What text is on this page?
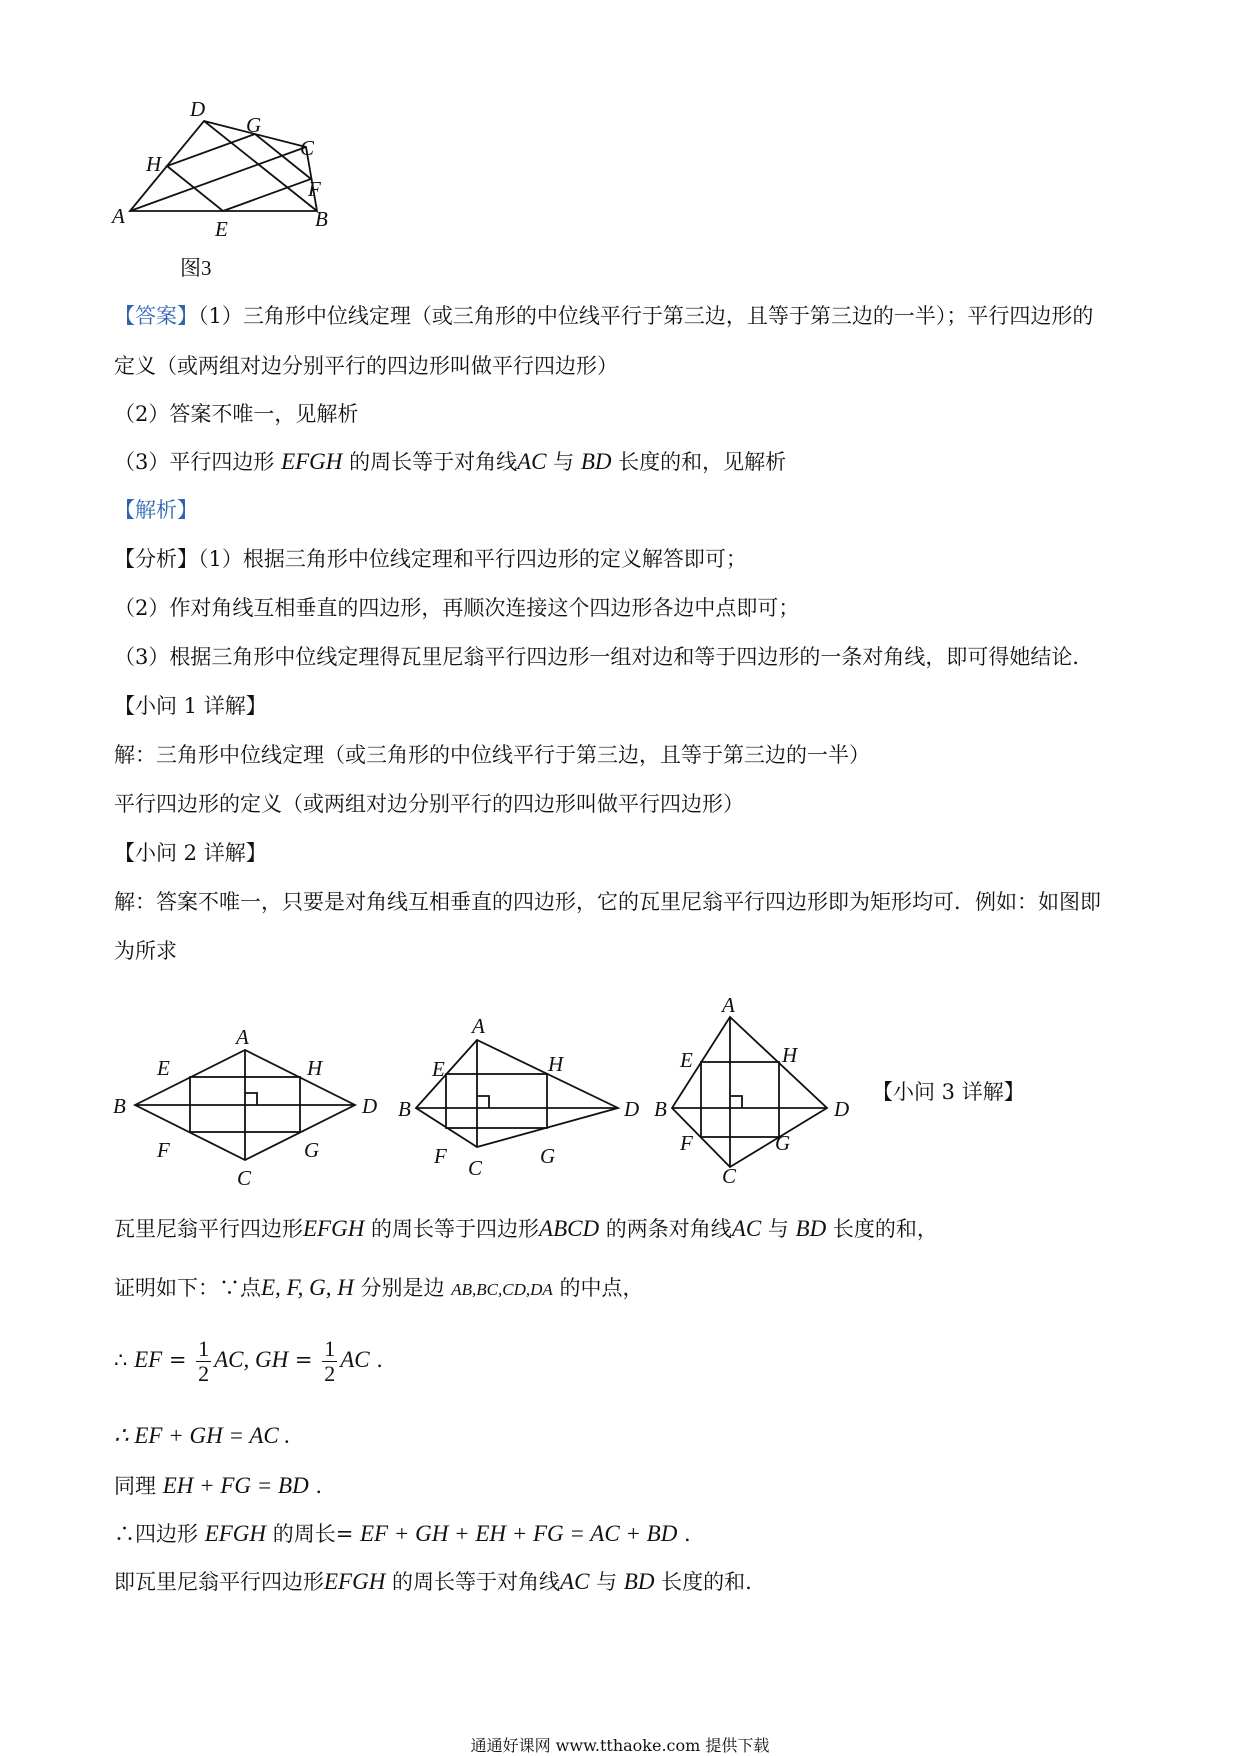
D
G
C
H
F
A
E	B
图3
【答案】（1）三角形中位线定理（或三角形的中位线平行于第三边，且等于第三边的一半）；平行四边形的
定义（或两组对边分别平行的四边形叫做平行四边形）
（2）答案不唯一，见解析
（3）平行四边形 EFGH 的周长等于对角线AC 与 BD 长度的和，见解析
【解析】
【分析】（1）根据三角形中位线定理和平行四边形的定义解答即可；
（2）作对角线互相垂直的四边形，再顺次连接这个四边形各边中点即可；
（3）根据三角形中位线定理得瓦里尼翁平行四边形一组对边和等于四边形的一条对角线，即可得她结论．
【小问 1 详解】
解：三角形中位线定理（或三角形的中位线平行于第三边，且等于第三边的一半）
平行四边形的定义（或两组对边分别平行的四边形叫做平行四边形）
【小问 2 详解】
解：答案不唯一，只要是对角线互相垂直的四边形，它的瓦里尼翁平行四边形即为矩形均可．例如：如图即
为所求
A
E	H
B	D
F	G
C
A
E	H
B	D
F	G
C
A
E	H
B	D
F	G
C
【小问 3 详解】
瓦里尼翁平行四边形EFGH 的周长等于四边形ABCD 的两条对角线AC 与 BD 长度的和，
证明如下：∵点E, F, G, H 分别是边 AB,BC,CD,DA 的中点，
∴ EF = $\frac{1}{2}$ AC, GH = $\frac{1}{2}$ AC .
∴ EF + GH = AC .
同理 EH + FG = BD .
∴四边形 EFGH 的周长= EF + GH + EH + FG = AC + BD .
即瓦里尼翁平行四边形EFGH 的周长等于对角线AC 与 BD 长度的和.
通通好课网 www.tthaoke.com 提供下载
